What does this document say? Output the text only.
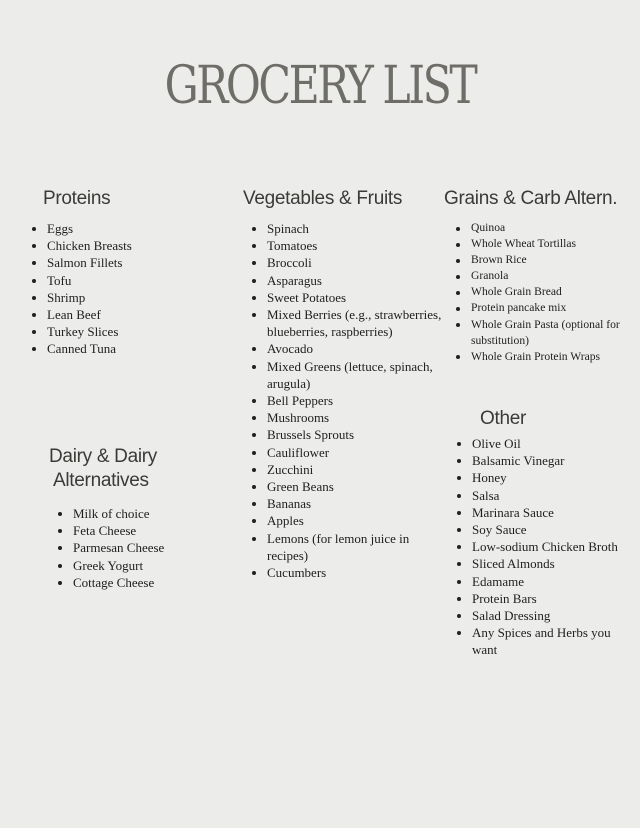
GROCERY LIST
Proteins
Eggs
Chicken Breasts
Salmon Fillets
Tofu
Shrimp
Lean Beef
Turkey Slices
Canned Tuna
Vegetables & Fruits
Spinach
Tomatoes
Broccoli
Asparagus
Sweet Potatoes
Mixed Berries (e.g., strawberries, blueberries, raspberries)
Avocado
Mixed Greens (lettuce, spinach, arugula)
Bell Peppers
Mushrooms
Brussels Sprouts
Cauliflower
Zucchini
Green Beans
Bananas
Apples
Lemons (for lemon juice in recipes)
Cucumbers
Grains & Carb Altern.
Quinoa
Whole Wheat Tortillas
Brown Rice
Granola
Whole Grain Bread
Protein pancake mix
Whole Grain Pasta (optional for substitution)
Whole Grain Protein Wraps
Dairy & Dairy
Alternatives
Milk of choice
Feta Cheese
Parmesan Cheese
Greek Yogurt
Cottage Cheese
Other
Olive Oil
Balsamic Vinegar
Honey
Salsa
Marinara Sauce
Soy Sauce
Low-sodium Chicken Broth
Sliced Almonds
Edamame
Protein Bars
Salad Dressing
Any Spices and Herbs you want
